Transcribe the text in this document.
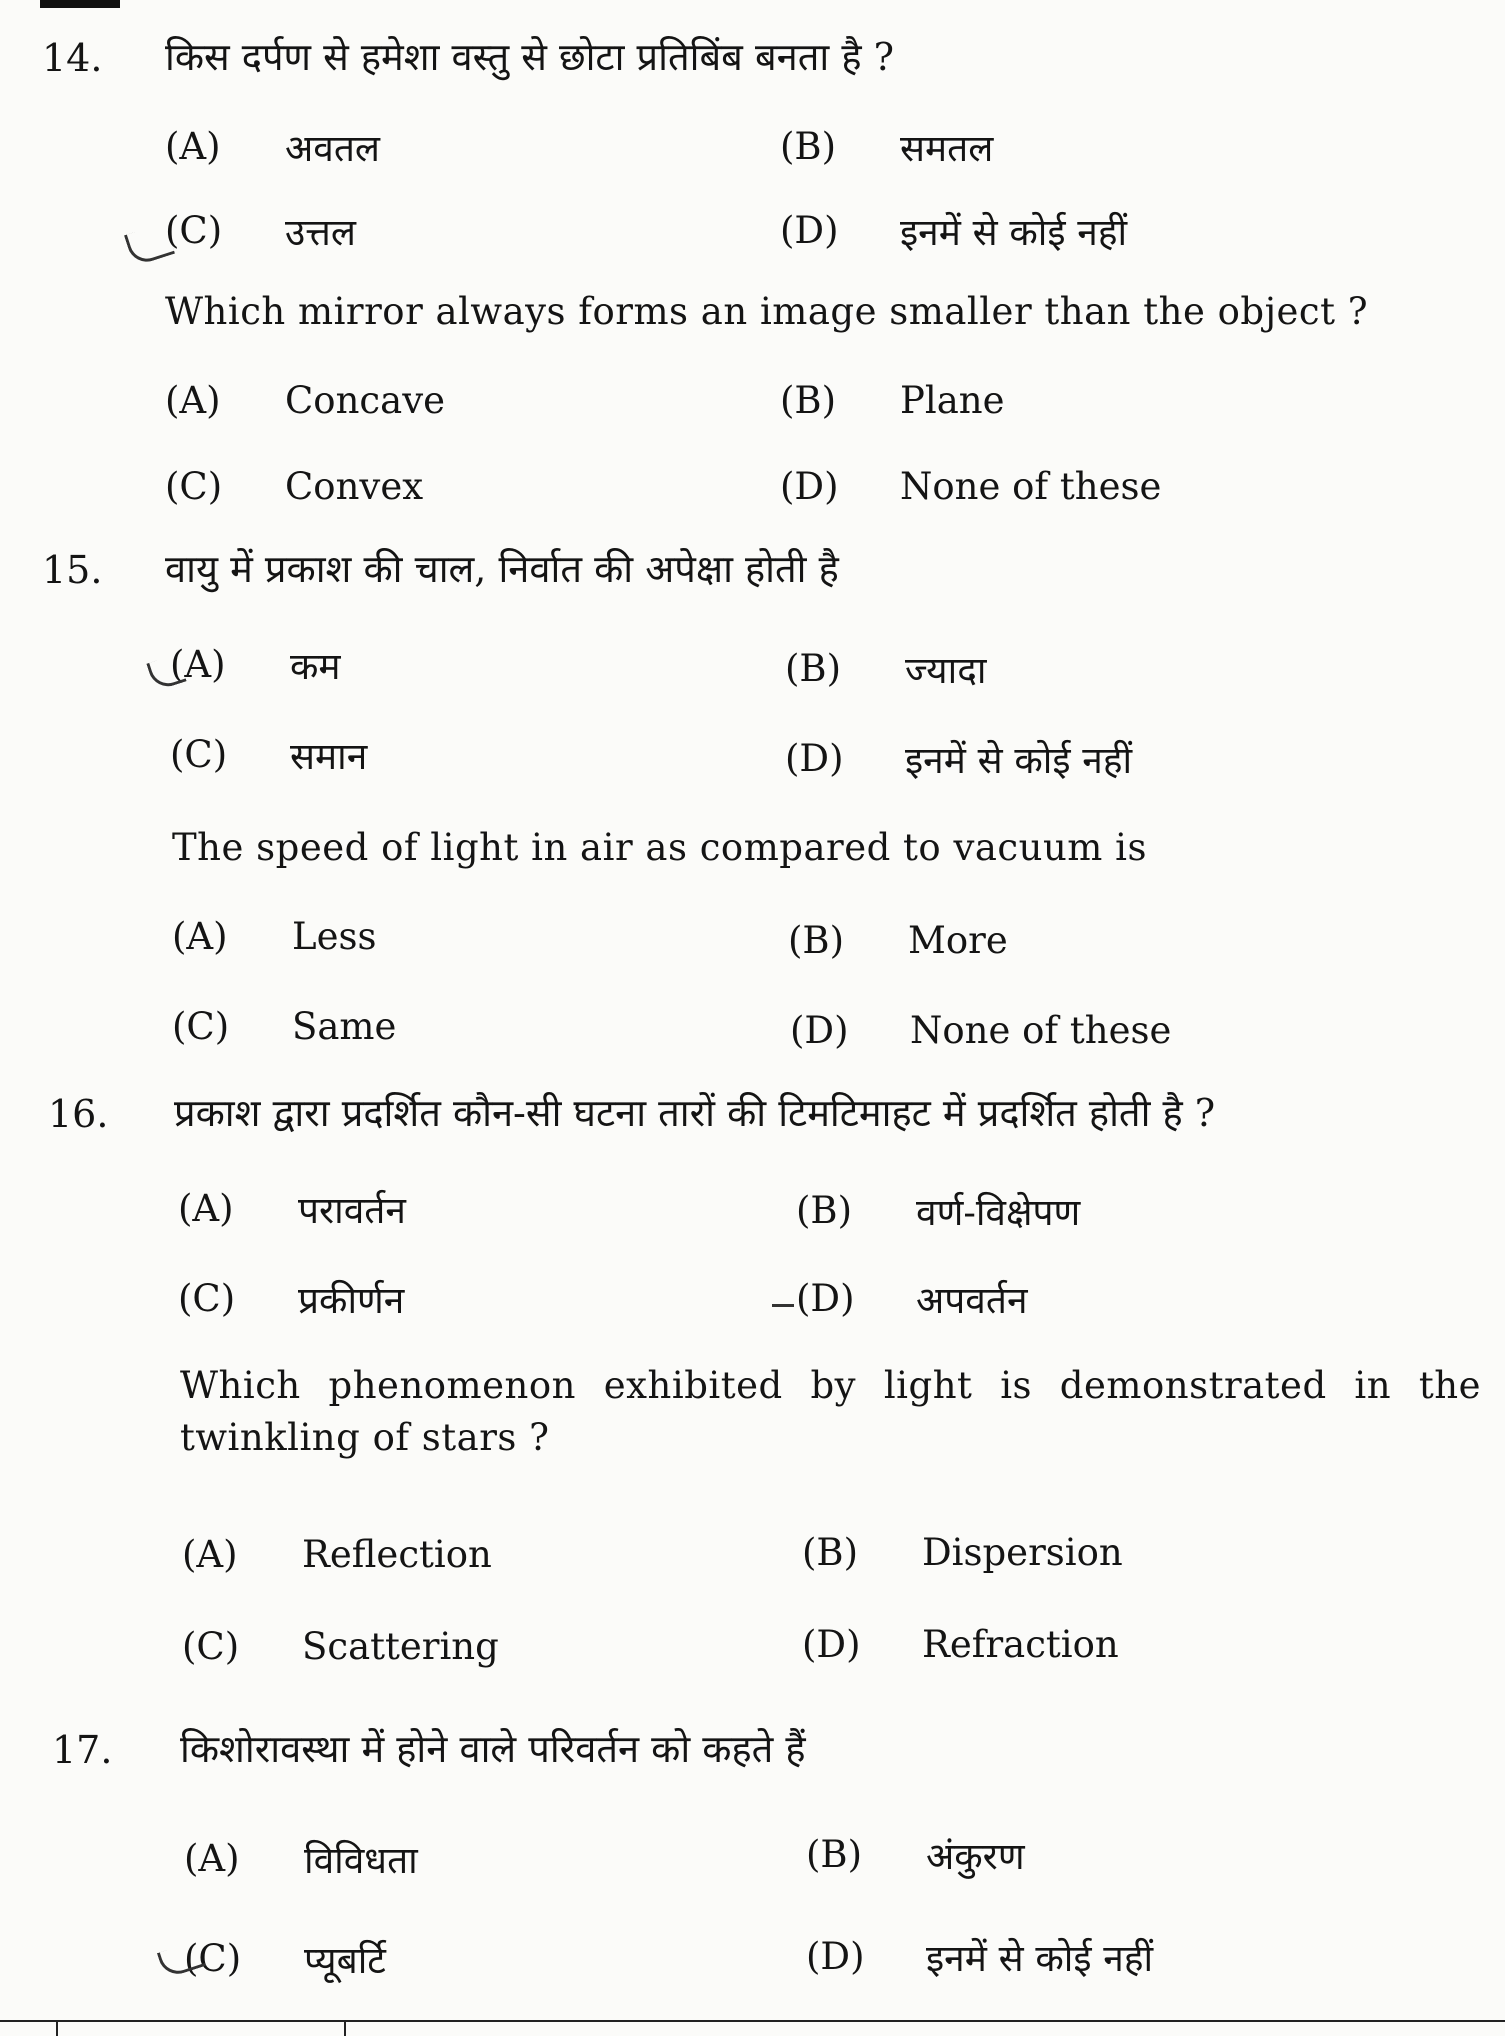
14.	किस दर्पण से हमेशा वस्तु से छोटा प्रतिबिंब बनता है ?
(A)	अवतल	(B)	समतल
(C)	उत्तल	(D)	इनमें से कोई नहीं
Which mirror always forms an image smaller than the object ?
(A)	Concave	(B)	Plane
(C)	Convex	(D)	None of these
15.	वायु में प्रकाश की चाल, निर्वात की अपेक्षा होती है
(A)	कम	(B)	ज्यादा
(C)	समान	(D)	इनमें से कोई नहीं
The speed of light in air as compared to vacuum is
(A)	Less	(B)	More
(C)	Same	(D)	None of these
16.	प्रकाश द्वारा प्रदर्शित कौन-सी घटना तारों की टिमटिमाहट में प्रदर्शित होती है ?
(A)	परावर्तन	(B)	वर्ण-विक्षेपण
(C)	प्रकीर्णन	(D)	अपवर्तन
Which phenomenon exhibited by light is demonstrated in the twinkling of stars ?
(A)	Reflection	(B)	Dispersion
(C)	Scattering	(D)	Refraction
17.	किशोरावस्था में होने वाले परिवर्तन को कहते हैं
(A)	विविधता	(B)	अंकुरण
(C)	प्यूबर्टि	(D)	इनमें से कोई नहीं
